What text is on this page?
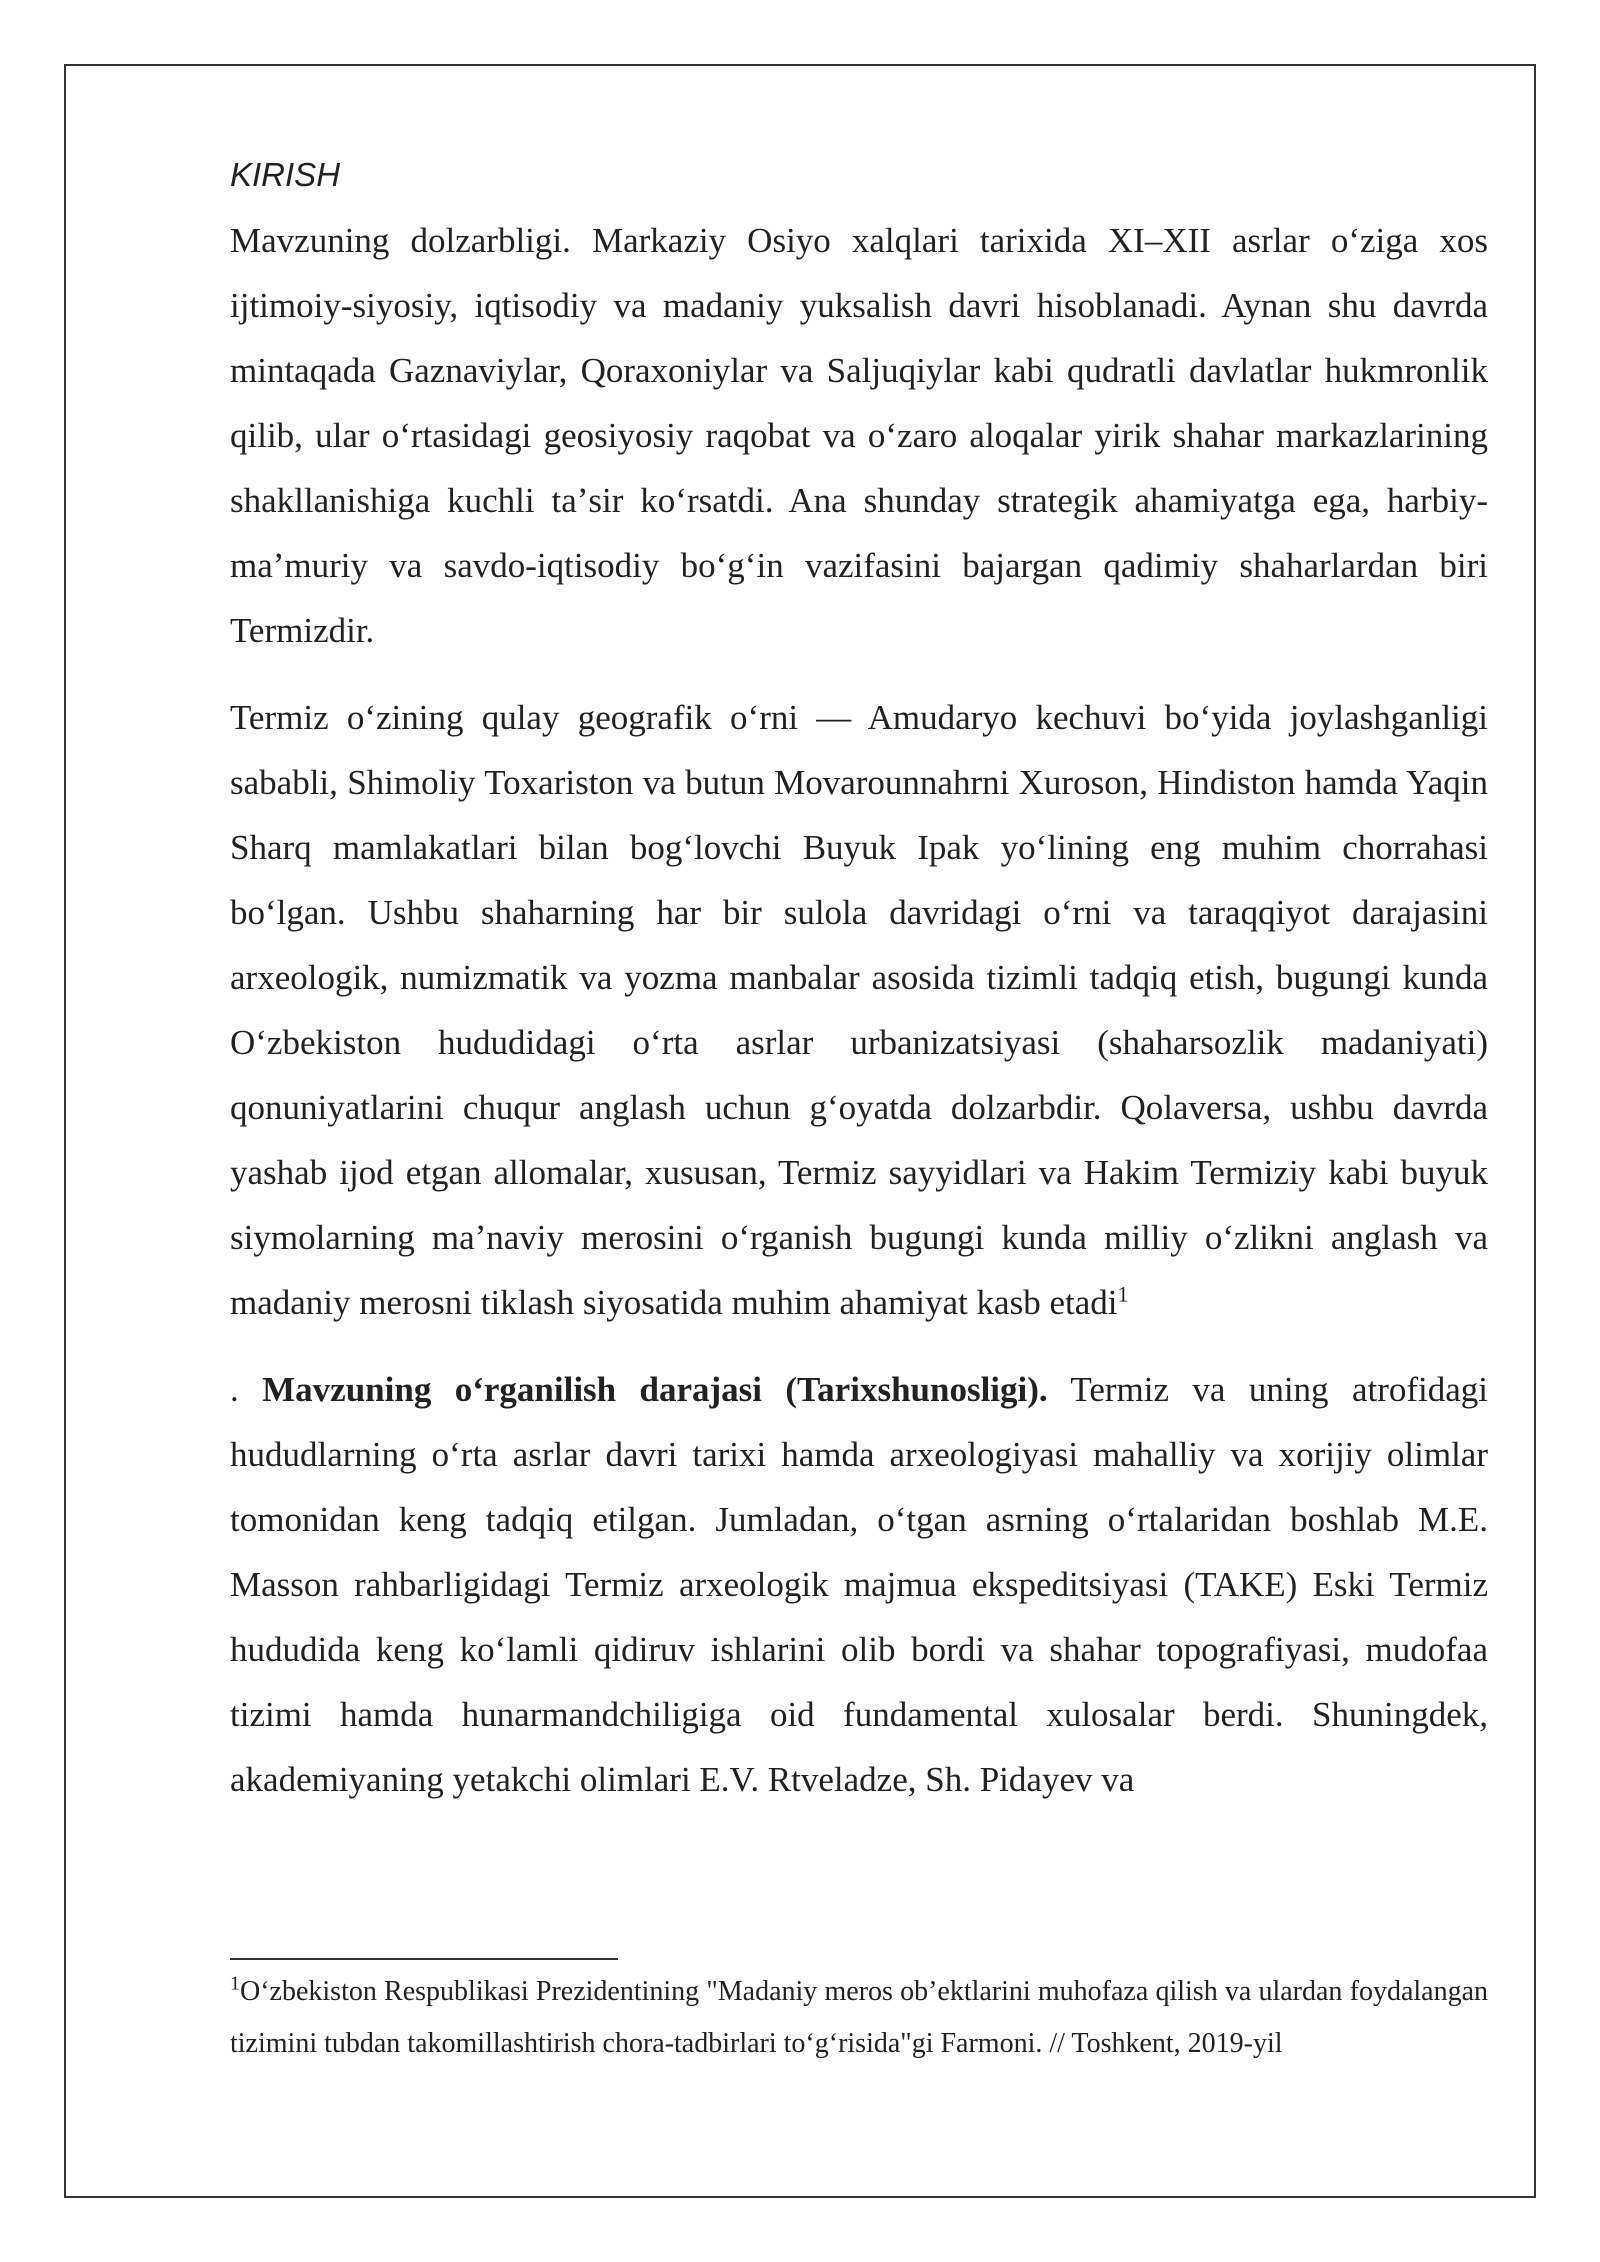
KIRISH

Mavzuning dolzarbligi. Markaziy Osiyo xalqlari tarixida XI–XII asrlar oʻziga xos ijtimoiy-siyosiy, iqtisodiy va madaniy yuksalish davri hisoblanadi. Aynan shu davrda mintaqada Gaznaviylar, Qoraxoniylar va Saljuqiylar kabi qudratli davlatlar hukmronlik qilib, ular oʻrtasidagi geosiyosiy raqobat va oʻzaro aloqalar yirik shahar markazlarining shakllanishiga kuchli taʼsir koʻrsatdi. Ana shunday strategik ahamiyatga ega, harbiy-maʼmuriy va savdo-iqtisodiy boʻgʻin vazifasini bajargan qadimiy shaharlardan biri Termizdir.

Termiz oʻzining qulay geografik oʻrni — Amudaryo kechuvi boʻyida joylashganligi sababli, Shimoliy Toxariston va butun Movarounnahrni Xuroson, Hindiston hamda Yaqin Sharq mamlakatlari bilan bogʻlovchi Buyuk Ipak yoʻlining eng muhim chorrahasi boʻlgan. Ushbu shaharning har bir sulola davridagi oʻrni va taraqqiyot darajasini arxeologik, numizmatik va yozma manbalar asosida tizimli tadqiq etish, bugungi kunda Oʻzbekiston hududidagi oʻrta asrlar urbanizatsiyasi (shaharsozlik madaniyati) qonuniyatlarini chuqur anglash uchun gʻoyatda dolzarbdir. Qolaversa, ushbu davrda yashab ijod etgan allomalar, xususan, Termiz sayyidlari va Hakim Termiziy kabi buyuk siymolarning maʼnaviy merosini oʻrganish bugungi kunda milliy oʻzlikni anglash va madaniy merosni tiklash siyosatida muhim ahamiyat kasb etadi$^1$

. Mavzuning oʻrganilish darajasi (Tarixshunosligi). Termiz va uning atrofidagi hududlarning oʻrta asrlar davri tarixi hamda arxeologiyasi mahalliy va xorijiy olimlar tomonidan keng tadqiq etilgan. Jumladan, oʻtgan asrning oʻrtalaridan boshlab M.E. Masson rahbarligidagi Termiz arxeologik majmua ekspeditsiyasi (TAKE) Eski Termiz hududida keng koʻlamli qidiruv ishlarini olib bordi va shahar topografiyasi, mudofaa tizimi hamda hunarmandchiligiga oid fundamental xulosalar berdi. Shuningdek, akademiyaning yetakchi olimlari E.V. Rtveladze, Sh. Pidayev va

$^1$Oʻzbekiston Respublikasi Prezidentining "Madaniy meros obʼektlarini muhofaza qilish va ulardan foydalangan tizimini tubdan takomillashtirish chora-tadbirlari toʻgʻrisida"gi Farmoni. // Toshkent, 2019-yil
